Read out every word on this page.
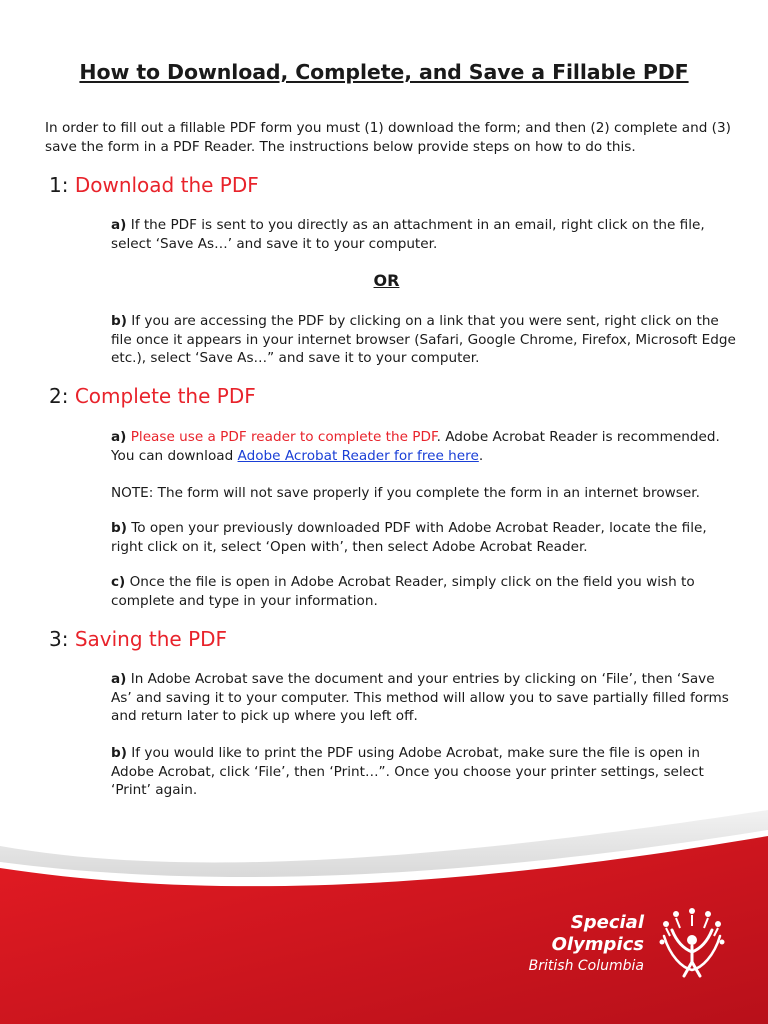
How to Download, Complete, and Save a Fillable PDF
In order to fill out a fillable PDF form you must (1) download the form; and then (2) complete and (3) save the form in a PDF Reader. The instructions below provide steps on how to do this.
1: Download the PDF
a) If the PDF is sent to you directly as an attachment in an email, right click on the file, select ‘Save As…’ and save it to your computer.
OR
b) If you are accessing the PDF by clicking on a link that you were sent, right click on the file once it appears in your internet browser (Safari, Google Chrome, Firefox, Microsoft Edge etc.), select ‘Save As…” and save it to your computer.
2: Complete the PDF
a) Please use a PDF reader to complete the PDF. Adobe Acrobat Reader is recommended. You can download Adobe Acrobat Reader for free here.
NOTE: The form will not save properly if you complete the form in an internet browser.
b) To open your previously downloaded PDF with Adobe Acrobat Reader, locate the file, right click on it, select ‘Open with’, then select Adobe Acrobat Reader.
c) Once the file is open in Adobe Acrobat Reader, simply click on the field you wish to complete and type in your information.
3: Saving the PDF
a) In Adobe Acrobat save the document and your entries by clicking on ‘File’, then ‘Save As’ and saving it to your computer. This method will allow you to save partially filled forms and return later to pick up where you left off.
b) If you would like to print the PDF using Adobe Acrobat, make sure the file is open in Adobe Acrobat, click ‘File’, then ‘Print…”. Once you choose your printer settings, select ‘Print’ again.
Special
Olympics
British Columbia
